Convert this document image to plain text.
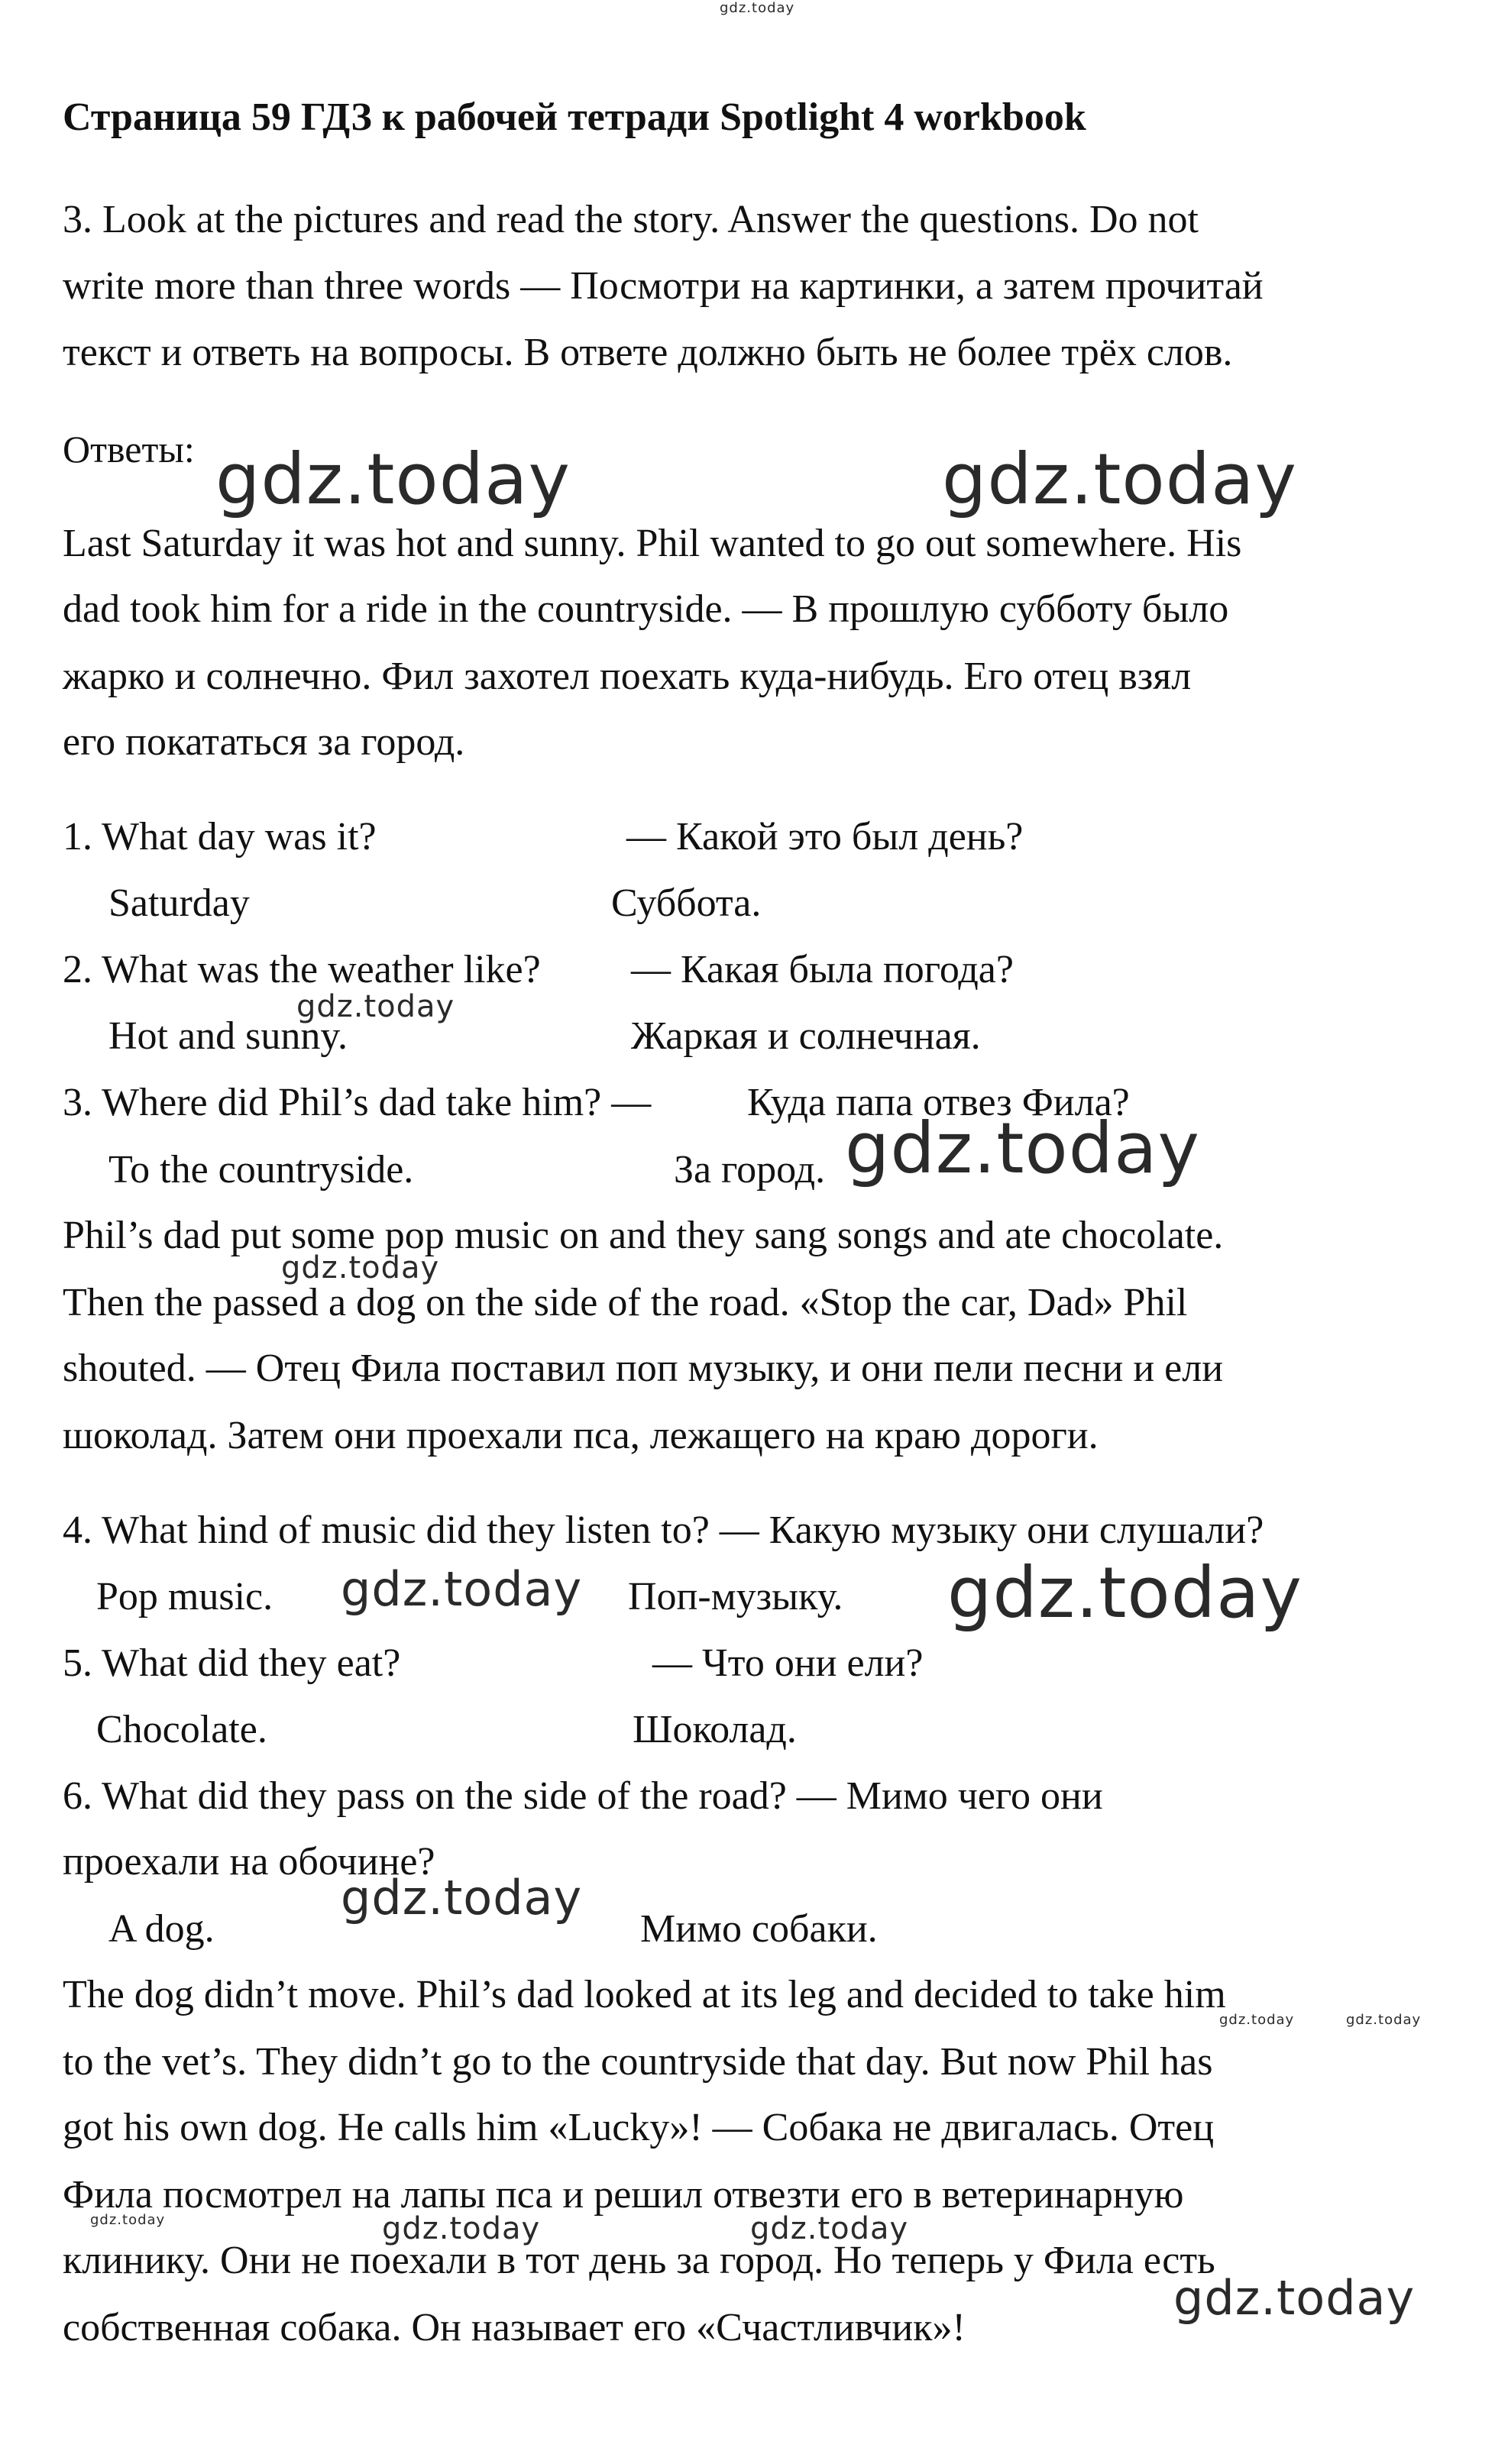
gdz.today
Страница 59 ГДЗ к рабочей тетради Spotlight 4 workbook
3. Look at the pictures and read the story. Answer the questions. Do not
write more than three words — Посмотри на картинки, а затем прочитай
текст и ответь на вопросы. В ответе должно быть не более трёх слов.
Ответы: gdz.today	gdz.today
Last Saturday it was hot and sunny. Phil wanted to go out somewhere. His
dad took him for a ride in the countryside. — В прошлую субботу было
жарко и солнечно. Фил захотел поехать куда-нибудь. Его отец взял
его покататься за город.
1. What day was it?	— Какой это был день?
Saturday	Суббота.
2. What was the weather like? — Какая была погода?
gdz.today
Hot and sunny.	Жаркая и солнечная.
3. Where did Phil’s dad take him? — Куда папа отвез Фила?
To the countryside.	За город. gdz.today
Phil’s dad put some pop music on and they sang songs and ate chocolate.
gdz.today
Then the passed a dog on the side of the road. «Stop the car, Dad» Phil
shouted. — Отец Фила поставил поп музыку, и они пели песни и ели
шоколад. Затем они проехали пса, лежащего на краю дороги.
4. What hind of music did they listen to? — Какую музыку они слушали?
Pop music. gdz.today Поп-музыку. gdz.today
5. What did they eat?	— Что они ели?
Chocolate.	Шоколад.
6. What did they pass on the side of the road? — Мимо чего они
проехали на обочине?
gdz.today
A dog.	Мимо собаки.
The dog didn’t move. Phil’s dad looked at its leg and decided to take him
gdz.today
gdz.today
to the vet’s. They didn’t go to the countryside that day. But now Phil has
got his own dog. He calls him «Lucky»! — Собака не двигалась. Отец
Фила посмотрел на лапы пса и решил отвезти его в ветеринарную
gdz.today	gdz.today	gdz.today
клинику. Они не поехали в тот день за город. Но теперь у Фила есть
gdz.today
собственная собака. Он называет его «Счастливчик»!
